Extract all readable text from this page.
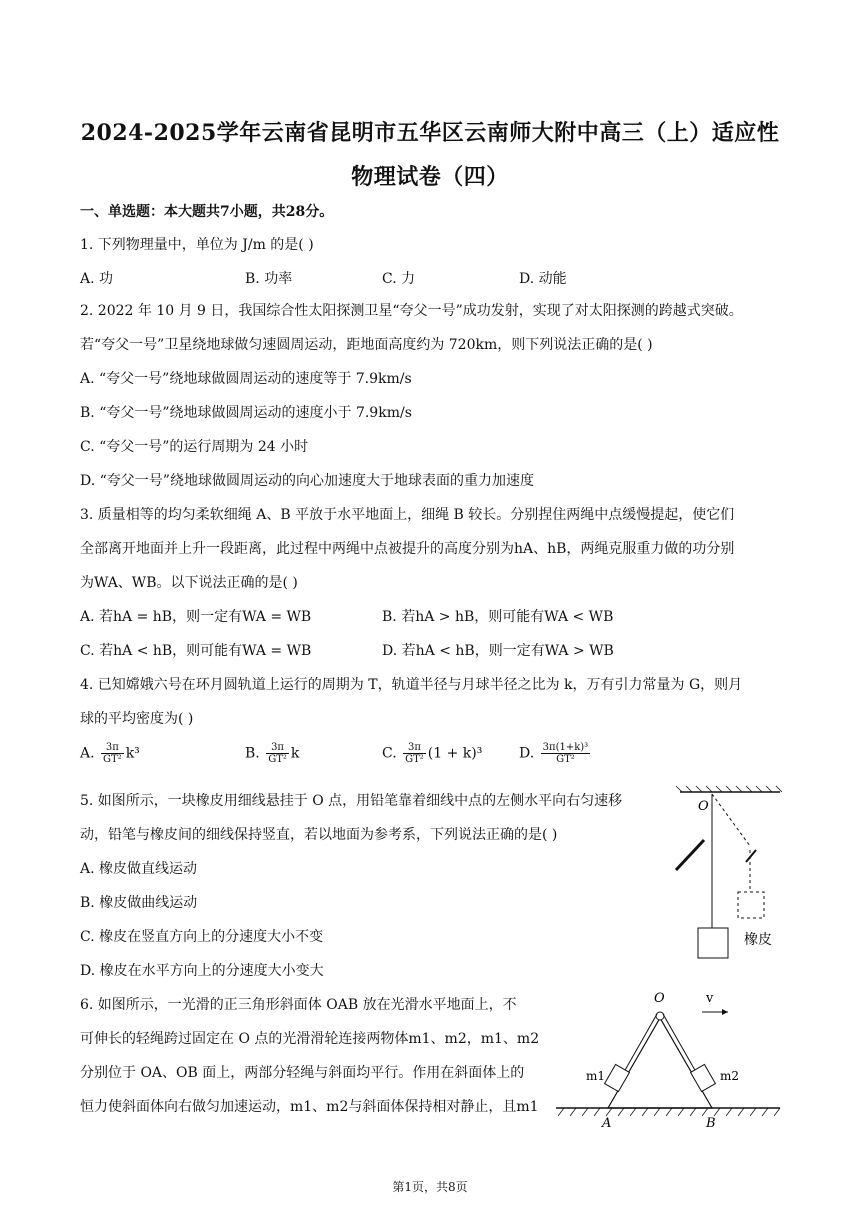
2024-2025学年云南省昆明市五华区云南师大附中高三（上）适应性
物理试卷（四）
一、单选题：本大题共7小题，共28分。
1. 下列物理量中，单位为 J/m 的是( )
A. 功	B. 功率	C. 力	D. 动能
2. 2022 年 10 月 9 日，我国综合性太阳探测卫星“夸父一号”成功发射，实现了对太阳探测的跨越式突破。
若“夸父一号”卫星绕地球做匀速圆周运动，距地面高度约为 720km，则下列说法正确的是( )
A. “夸父一号”绕地球做圆周运动的速度等于 7.9km/s
B. “夸父一号”绕地球做圆周运动的速度小于 7.9km/s
C. “夸父一号”的运行周期为 24 小时
D. “夸父一号”绕地球做圆周运动的向心加速度大于地球表面的重力加速度
3. 质量相等的均匀柔软细绳 A、B 平放于水平地面上，细绳 B 较长。分别捏住两绳中点缓慢提起，使它们
全部离开地面并上升一段距离，此过程中两绳中点被提升的高度分别为hA、hB，两绳克服重力做的功分别
为WA、WB。以下说法正确的是( )
A. 若hA = hB，则一定有WA = WB	B. 若hA > hB，则可能有WA < WB
C. 若hA < hB，则可能有WA = WB	D. 若hA < hB，则一定有WA > WB
4. 已知嫦娥六号在环月圆轨道上运行的周期为 T，轨道半径与月球半径之比为 k，万有引力常量为 G，则月
球的平均密度为( )
A. $\frac{3\pi}{\text{GT²}} k^3$	B. $\frac{3\pi}{\text{GT²}}$ k	C. $\frac{3\pi}{\text{GT²}} (1 + k)^3$	D. $\frac{\text{3π(1+k)³}}{\text{GT²}}$
5. 如图所示，一块橡皮用细线悬挂于 O 点，用铅笔靠着细线中点的左侧水平向右匀速移
动，铅笔与橡皮间的细线保持竖直，若以地面为参考系，下列说法正确的是( )
A. 橡皮做直线运动
B. 橡皮做曲线运动
C. 橡皮在竖直方向上的分速度大小不变
D. 橡皮在水平方向上的分速度大小变大
O
橡皮
6. 如图所示，一光滑的正三角形斜面体 OAB 放在光滑水平地面上，不
可伸长的轻绳跨过固定在 O 点的光滑滑轮连接两物体m1、m2，m1、m2
分别位于 OA、OB 面上，两部分轻绳与斜面均平行。作用在斜面体上的
恒力使斜面体向右做匀加速运动，m1、m2与斜面体保持相对静止，且m1
O	v
m1	m2
A	B
第1页，共8页
